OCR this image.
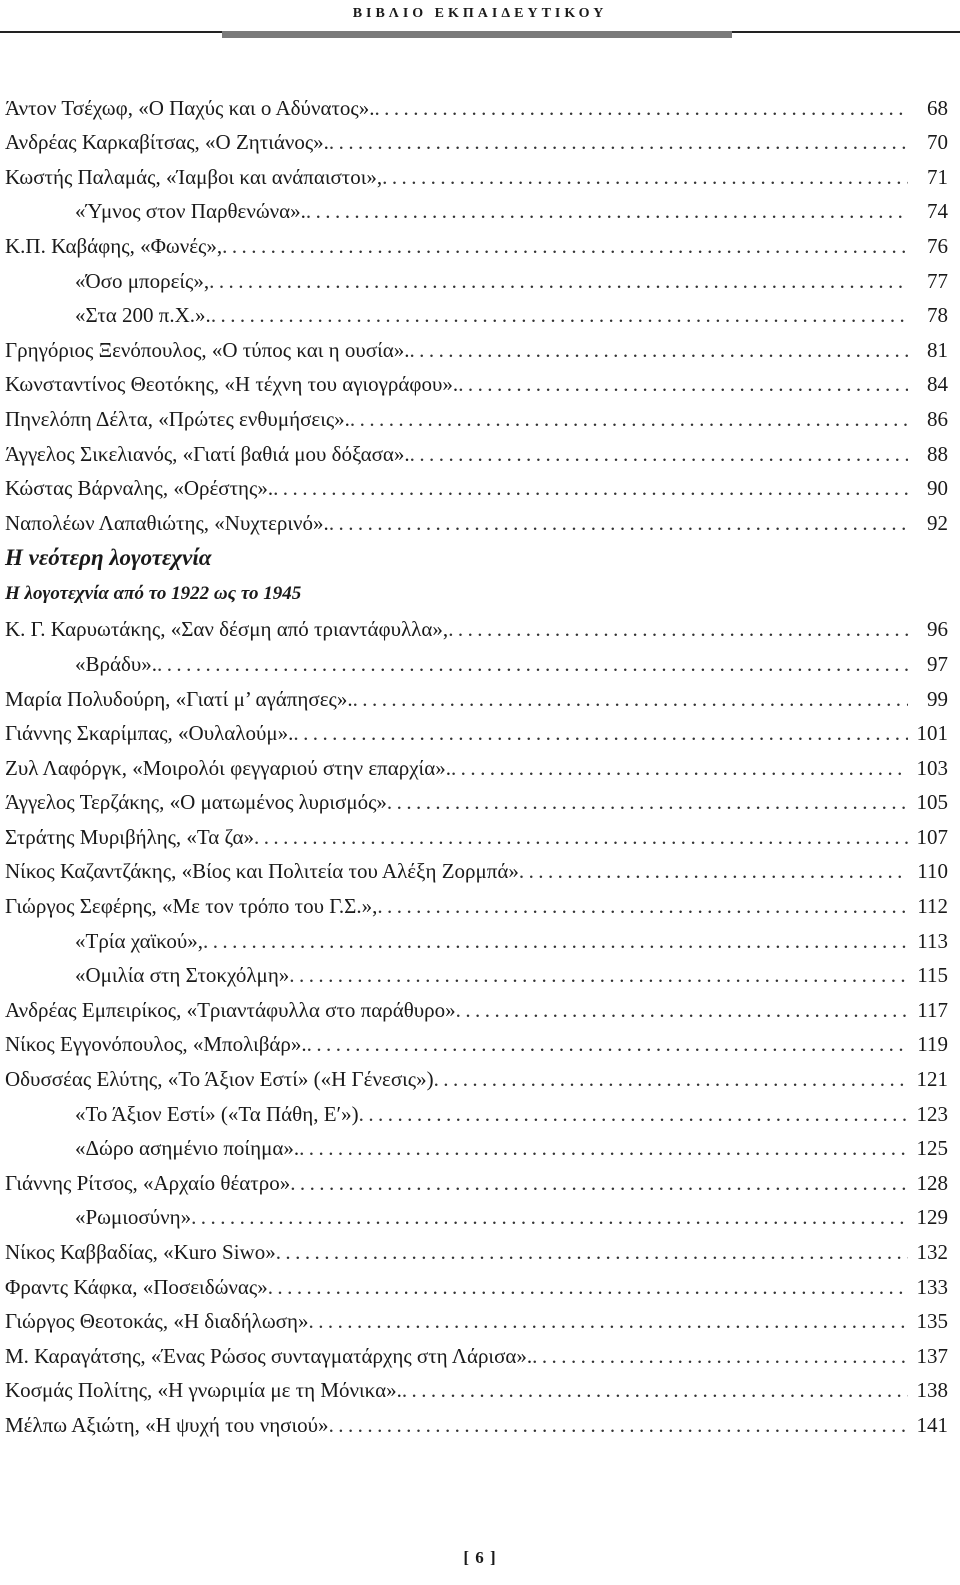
ΒΙΒΛΙΟ ΕΚΠΑΙΔΕΥΤΙΚΟΥ
Άντον Τσέχωφ, «Ο Παχύς και ο Αδύνατος». . . .	68
Ανδρέας Καρκαβίτσας, «Ο Ζητιάνος». . . .	70
Κωστής Παλαμάς, «Ίαμβοι και ανάπαιστοι», . . .	71
«Ύμνος στον Παρθενώνα». . . .	74
Κ.Π. Καβάφης, «Φωνές», . . .	76
«Όσο μπορείς», . . .	77
«Στα 200 π.Χ.». . . .	78
Γρηγόριος Ξενόπουλος, «Ο τύπος και η ουσία». . . .	81
Κωνσταντίνος Θεοτόκης, «Η τέχνη του αγιογράφου». . . .	84
Πηνελόπη Δέλτα, «Πρώτες ενθυμήσεις». . . .	86
Άγγελος Σικελιανός, «Γιατί βαθιά μου δόξασα». . . .	88
Κώστας Βάρναλης, «Ορέστης». . . .	90
Ναπολέων Λαπαθιώτης, «Νυχτερινό». . . .	92
Η νεότερη λογοτεχνία
Η λογοτεχνία από το 1922 ως το 1945
Κ. Γ. Καρυωτάκης, «Σαν δέσμη από τριαντάφυλλα», . . .	96
«Βράδυ». . . .	97
Μαρία Πολυδούρη, «Γιατί μ’ αγάπησες». . . .	99
Γιάννης Σκαρίμπας, «Ουλαλούμ». . . .	101
Ζυλ Λαφόργκ, «Μοιρολόι φεγγαριού στην επαρχία». . . .	103
Άγγελος Τερζάκης, «Ο ματωμένος λυρισμός» . . .	105
Στράτης Μυριβήλης, «Τα ζα» . . .	107
Νίκος Καζαντζάκης, «Βίος και Πολιτεία του Αλέξη Ζορμπά» . . .	110
Γιώργος Σεφέρης, «Με τον τρόπο του Γ.Σ.», . . .	112
«Τρία χαϊκού», . . .	113
«Ομιλία στη Στοκχόλμη» . . .	115
Ανδρέας Εμπειρίκος, «Τριαντάφυλλα στο παράθυρο» . . .	117
Νίκος Εγγονόπουλος, «Μπολιβάρ». . . .	119
Οδυσσέας Ελύτης, «Το Άξιον Εστί» («Η Γένεσις») . . .	121
«Το Άξιον Εστί» («Τα Πάθη, Ε′») . . .	123
«Δώρο ασημένιο ποίημα». . . .	125
Γιάννης Ρίτσος, «Αρχαίο θέατρο» . . .	128
«Ρωμιοσύνη» . . .	129
Νίκος Καββαδίας, «Kuro Siwo» . . .	132
Φραντς Κάφκα, «Ποσειδώνας» . . .	133
Γιώργος Θεοτοκάς, «Η διαδήλωση» . . .	135
Μ. Καραγάτσης, «Ένας Ρώσος συνταγματάρχης στη Λάρισα». . . .	137
Κοσμάς Πολίτης, «Η γνωριμία με τη Μόνικα». . . .	138
Μέλπω Αξιώτη, «Η ψυχή του νησιού» . . .	141
[ 6 ]
